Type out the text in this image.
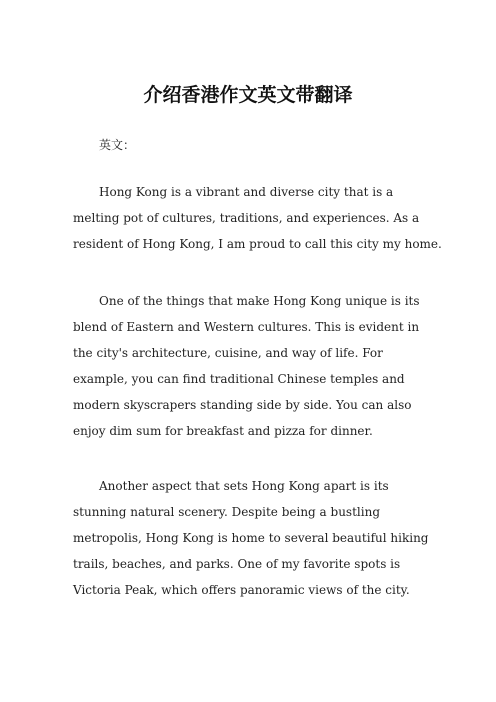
介绍香港作文英文带翻译
英文：
Hong Kong is a vibrant and diverse city that is a
melting pot of cultures, traditions, and experiences. As a
resident of Hong Kong, I am proud to call this city my home.
One of the things that make Hong Kong unique is its
blend of Eastern and Western cultures. This is evident in
the city's architecture, cuisine, and way of life. For
example, you can find traditional Chinese temples and
modern skyscrapers standing side by side. You can also
enjoy dim sum for breakfast and pizza for dinner.
Another aspect that sets Hong Kong apart is its
stunning natural scenery. Despite being a bustling
metropolis, Hong Kong is home to several beautiful hiking
trails, beaches, and parks. One of my favorite spots is
Victoria Peak, which offers panoramic views of the city.
